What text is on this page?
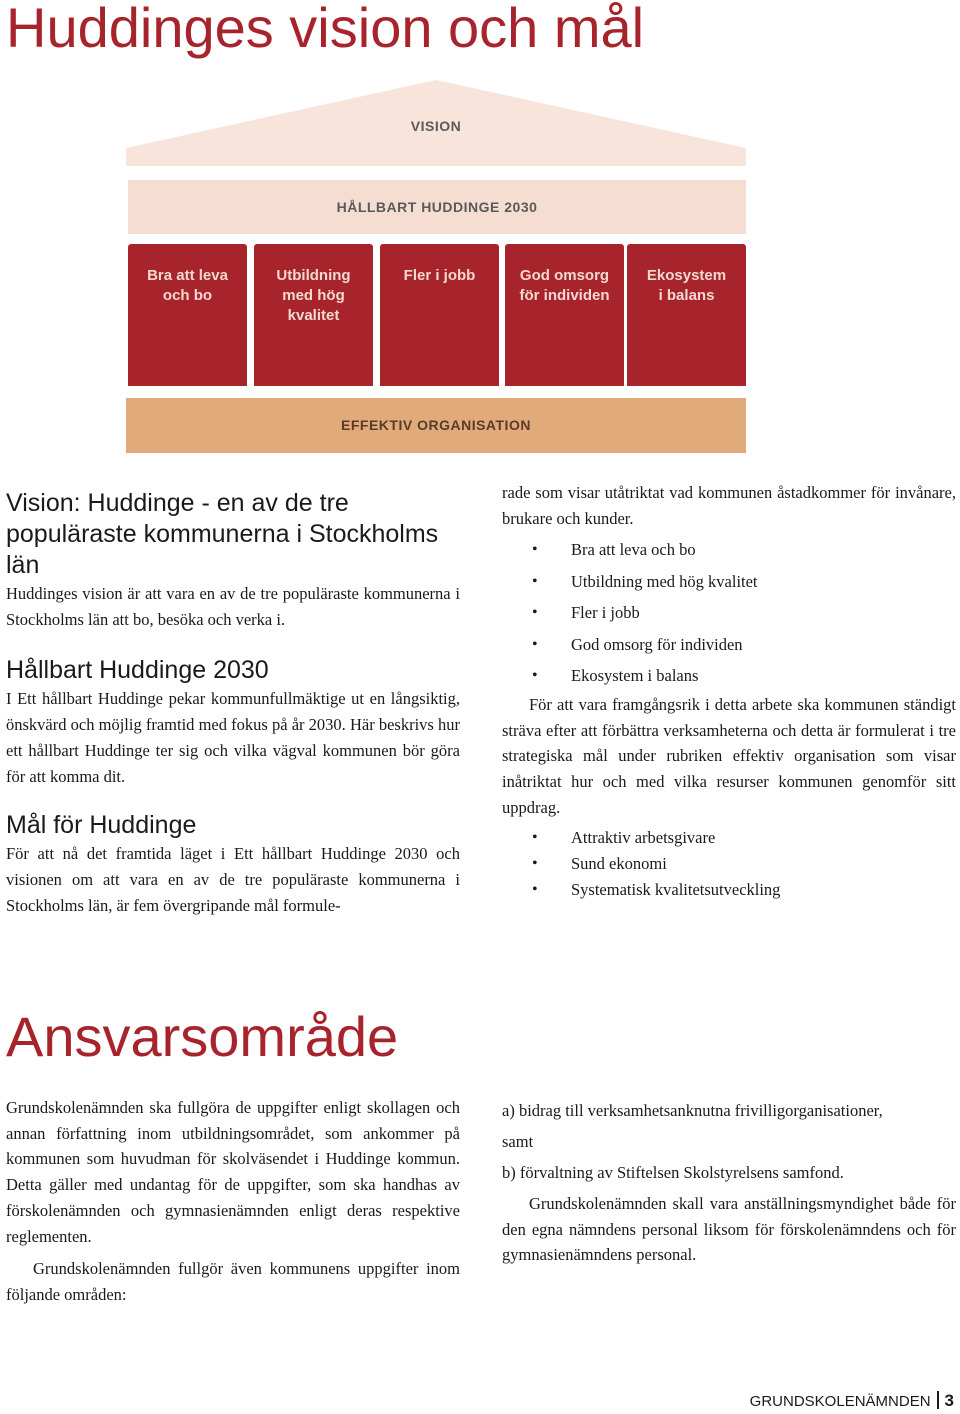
Huddinges vision och mål
VISION
HÅLLBART HUDDINGE 2030
Bra att leva
och bo
Utbildning
med hög
kvalitet
Fler i jobb	God omsorg
för individen
Ekosystem
i balans
EFFEKTIV ORGANISATION
Vision: Huddinge - en av de tre populäraste kommunerna i Stockholms län

Huddinges vision är att vara en av de tre populäraste kommunerna i Stockholms län att bo, besöka och verka i.

Hållbart Huddinge 2030

I Ett hållbart Huddinge pekar kommunfullmäktige ut en långsiktig, önskvärd och möjlig framtid med fokus på år 2030. Här beskrivs hur ett hållbart Huddinge ter sig och vilka vägval kommunen bör göra för att komma dit.

Mål för Huddinge

För att nå det framtida läget i Ett hållbart Huddinge 2030 och visionen om att vara en av de tre populäraste kommunerna i Stockholms län, är fem övergripande mål formule-

rade som visar utåtriktat vad kommunen åstadkommer för invånare, brukare och kunder.

• Bra att leva och bo
• Utbildning med hög kvalitet
• Fler i jobb
• God omsorg för individen
• Ekosystem i balans

För att vara framgångsrik i detta arbete ska kommunen ständigt sträva efter att förbättra verksamheterna och detta är formulerat i tre strategiska mål under rubriken effektiv organisation som visar inåtriktat hur och med vilka resurser kommunen genomför sitt uppdrag.

• Attraktiv arbetsgivare
• Sund ekonomi
• Systematisk kvalitetsutveckling
Ansvarsområde

Grundskolenämnden ska fullgöra de uppgifter enligt skollagen och annan författning inom utbildningsområdet, som ankommer på kommunen som huvudman för skolväsendet i Huddinge kommun. Detta gäller med undantag för de uppgifter, som ska handhas av förskolenämnden och gymnasienämnden enligt deras respektive reglementen.

Grundskolenämnden fullgör även kommunens uppgifter inom följande områden:

a) bidrag till verksamhetsanknutna frivilligorganisationer,

samt

b) förvaltning av Stiftelsen Skolstyrelsens samfond.

Grundskolenämnden skall vara anställningsmyndighet både för den egna nämndens personal liksom för förskolenämndens och för gymnasienämndens personal.

GRUNDSKOLENÄMNDEN 3
